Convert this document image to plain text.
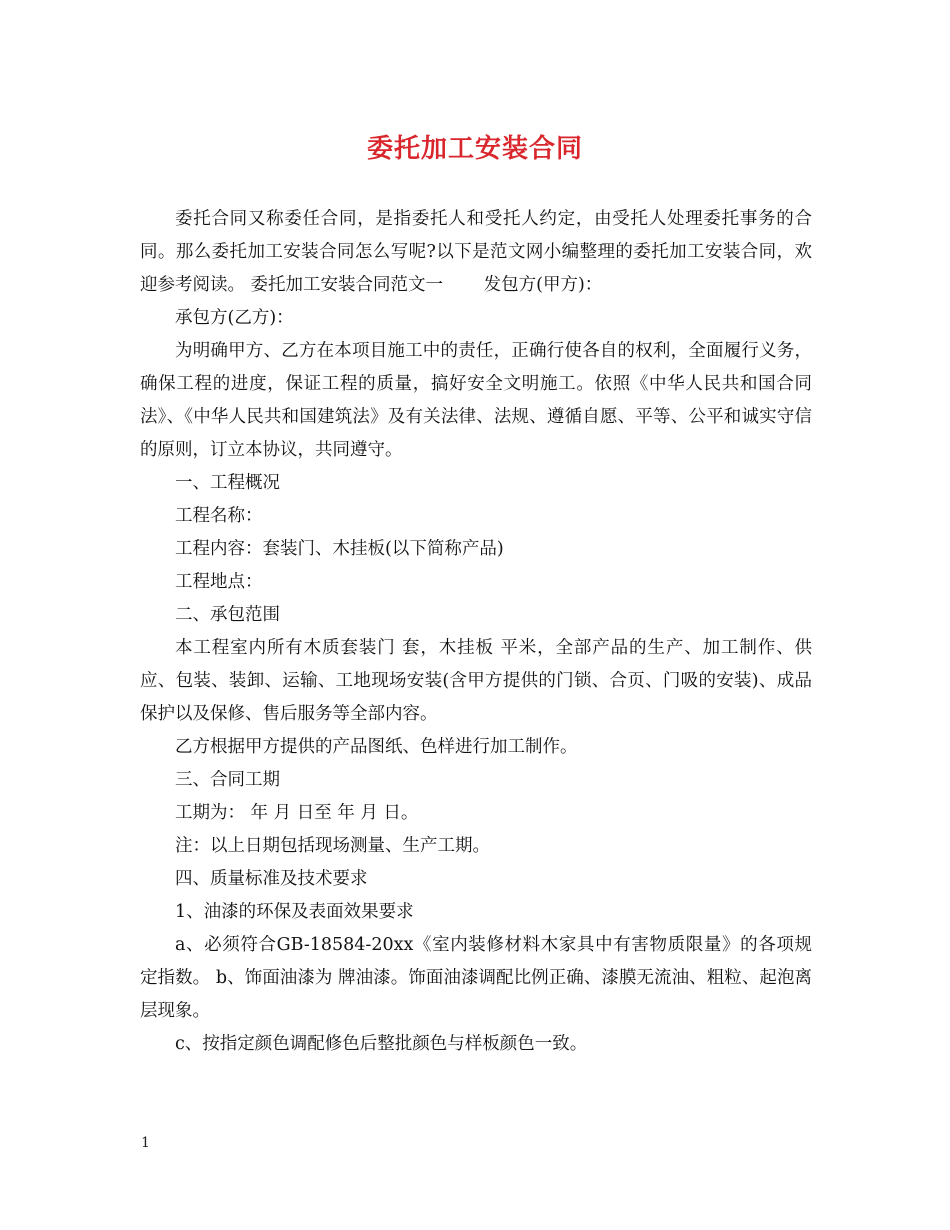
委托加工安装合同

委托合同又称委任合同，是指委托人和受托人约定，由受托人处理委托事务的合同。那么委托加工安装合同怎么写呢?以下是范文网小编整理的委托加工安装合同，欢迎参考阅读。 委托加工安装合同范文一 　　发包方(甲方)：

承包方(乙方)：

为明确甲方、乙方在本项目施工中的责任，正确行使各自的权利，全面履行义务，确保工程的进度，保证工程的质量，搞好安全文明施工。依照《中华人民共和国合同法》、《中华人民共和国建筑法》及有关法律、法规、遵循自愿、平等、公平和诚实守信的原则，订立本协议，共同遵守。

一、工程概况

工程名称：

工程内容：套装门、木挂板(以下简称产品)

工程地点：

二、承包范围

本工程室内所有木质套装门 套，木挂板 平米，全部产品的生产、加工制作、供应、包装、装卸、运输、工地现场安装(含甲方提供的门锁、合页、门吸的安装)、成品保护以及保修、售后服务等全部内容。

乙方根据甲方提供的产品图纸、色样进行加工制作。

三、合同工期

工期为： 年 月 日至 年 月 日。

注：以上日期包括现场测量、生产工期。

四、质量标准及技术要求

1、油漆的环保及表面效果要求

a、必须符合GB-18584-20xx《室内装修材料木家具中有害物质限量》的各项规定指数。 b、饰面油漆为 牌油漆。饰面油漆调配比例正确、漆膜无流油、粗粒、起泡离层现象。

c、按指定颜色调配修色后整批颜色与样板颜色一致。

1
